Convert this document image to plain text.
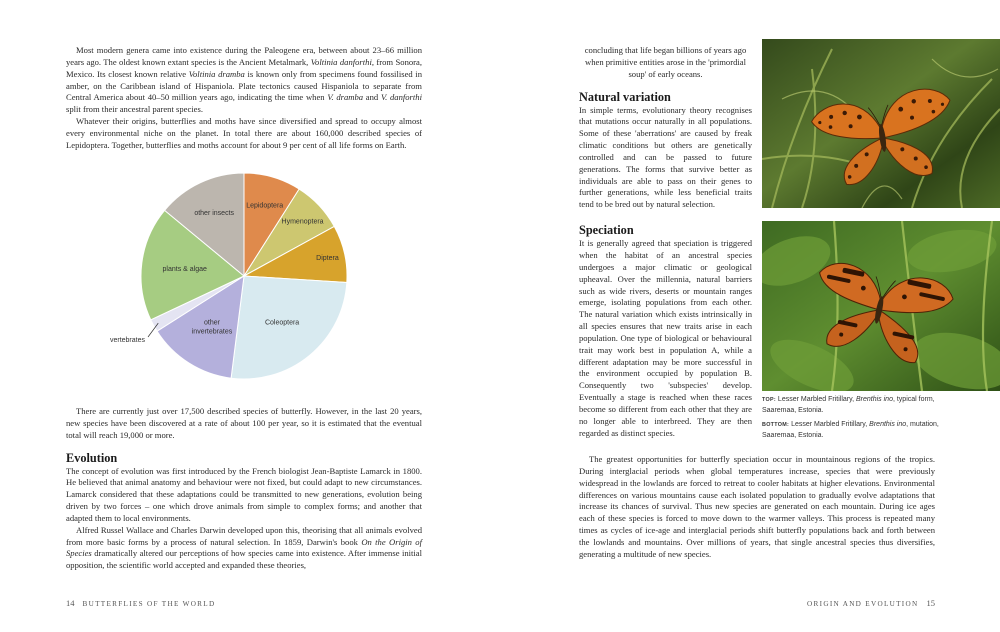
Most modern genera came into existence during the Paleogene era, between about 23–66 million years ago. The oldest known extant species is the Ancient Metalmark, Voltinia danforthi, from Sonora, Mexico. Its closest known relative Voltinia dramba is known only from specimens found fossilised in amber, on the Caribbean island of Hispaniola. Plate tectonics caused Hispaniola to separate from Central America about 40–50 million years ago, indicating the time when V. dramba and V. danforthi split from their ancestral parent species.

Whatever their origins, butterflies and moths have since diversified and spread to occupy almost every environmental niche on the planet. In total there are about 160,000 described species of Lepidoptera. Together, butterflies and moths account for about 9 per cent of all life forms on Earth.

Lepidoptera
Hymenoptera
Diptera
Coleoptera
other invertebrates
vertebrates
plants & algae
other insects

There are currently just over 17,500 described species of butterfly. However, in the last 20 years, new species have been discovered at a rate of about 100 per year, so it is estimated that the eventual total will reach 19,000 or more.

Evolution

The concept of evolution was first introduced by the French biologist Jean-Baptiste Lamarck in 1800. He believed that animal anatomy and behaviour were not fixed, but could adapt to new circumstances. Lamarck considered that these adaptations could be transmitted to new generations, evolution being driven by two forces – one which drove animals from simple to complex forms; and another that adapted them to local environments.

Alfred Russel Wallace and Charles Darwin developed upon this, theorising that all animals evolved from more basic forms by a process of natural selection. In 1859, Darwin's book On the Origin of Species dramatically altered our perceptions of how species came into existence. After immense initial opposition, the scientific world accepted and expanded these theories,

14 BUTTERFLIES OF THE WORLD

concluding that life began billions of years ago when primitive entities arose in the 'primordial soup' of early oceans.

Natural variation

In simple terms, evolutionary theory recognises that mutations occur naturally in all populations. Some of these 'aberrations' are caused by freak climatic conditions but others are genetically controlled and can be passed to future generations. The forms that survive better as individuals are able to pass on their genes to further generations, while less beneficial traits tend to be bred out by natural selection.

Speciation

It is generally agreed that speciation is triggered when the habitat of an ancestral species undergoes a major climatic or geological upheaval. Over the millennia, natural barriers such as wide rivers, deserts or mountain ranges emerge, isolating populations from each other. The natural variation which exists intrinsically in all species ensures that new traits arise in each population. One type of biological or behavioural trait may work best in population A, while a different adaptation may be more successful in the environment occupied by population B. Consequently two 'subspecies' develop. Eventually a stage is reached when these races become so different from each other that they are no longer able to interbreed. They are then regarded as distinct species.

The greatest opportunities for butterfly speciation occur in mountainous regions of the tropics. During interglacial periods when global temperatures increase, species that were previously widespread in the lowlands are forced to retreat to cooler habitats at higher elevations. Environmental differences on various mountains cause each isolated population to gradually evolve adaptations that increase its chances of survival. Thus new species are generated on each mountain. During ice ages each of these species is forced to move down to the warmer valleys. This process is repeated many times as cycles of ice-age and interglacial periods shift butterfly populations back and forth between the lowlands and mountains. Over millions of years, that single ancestral species thus diversifies, generating a multitude of new species.

TOP: Lesser Marbled Fritillary, Brenthis ino, typical form, Saaremaa, Estonia.
BOTTOM: Lesser Marbled Fritillary, Brenthis ino, mutation, Saaremaa, Estonia.
ORIGIN AND EVOLUTION 15
